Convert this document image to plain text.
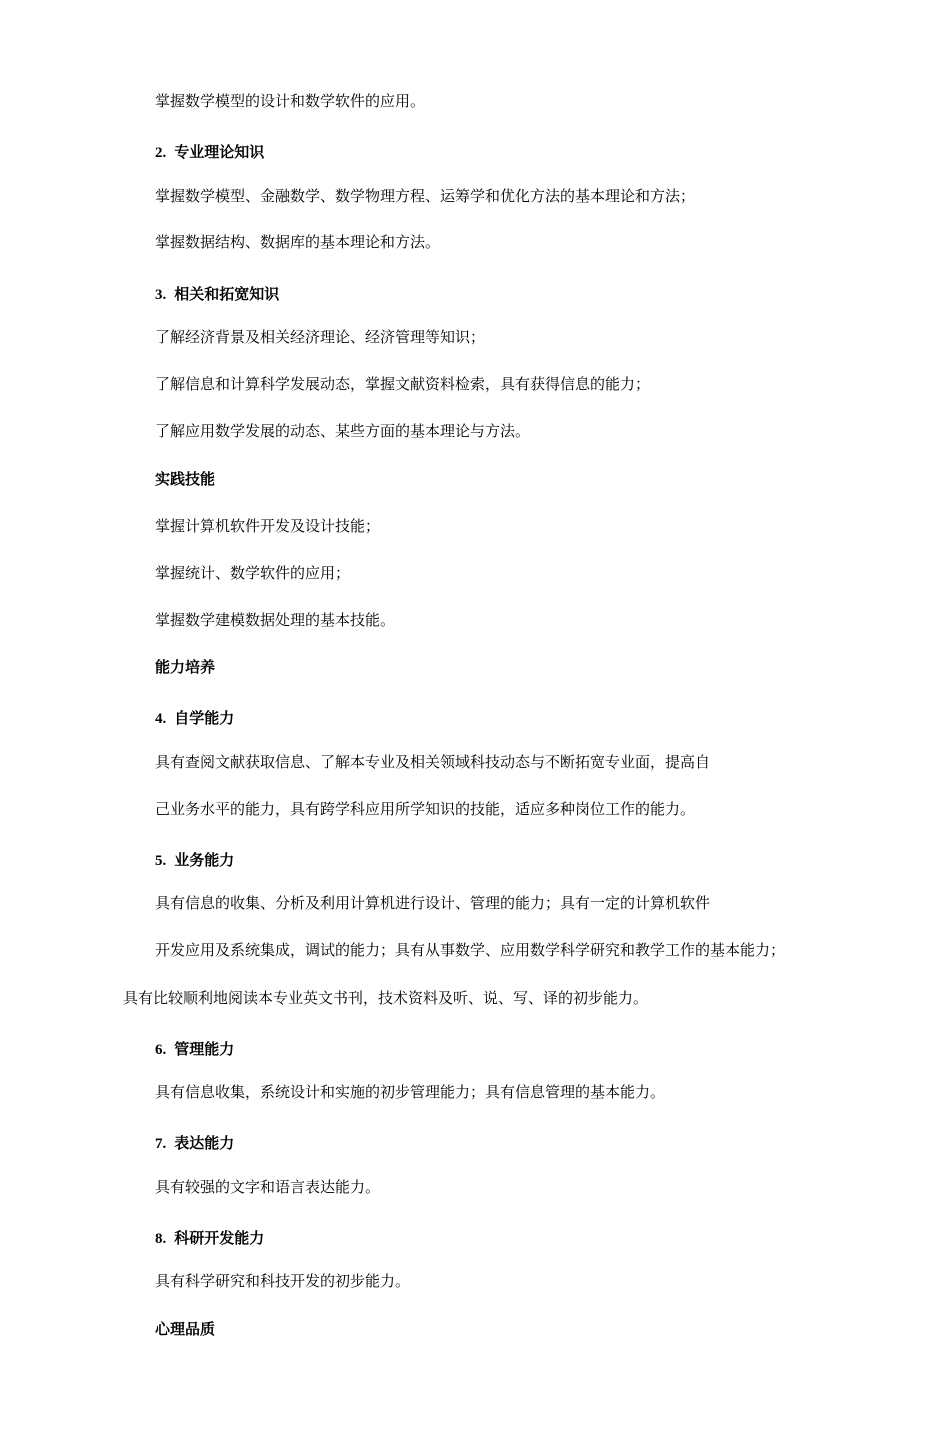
掌握数学模型的设计和数学软件的应用。
2. 专业理论知识
掌握数学模型、金融数学、数学物理方程、运筹学和优化方法的基本理论和方法；
掌握数据结构、数据库的基本理论和方法。
3. 相关和拓宽知识
了解经济背景及相关经济理论、经济管理等知识；
了解信息和计算科学发展动态，掌握文献资料检索，具有获得信息的能力；
了解应用数学发展的动态、某些方面的基本理论与方法。
实践技能
掌握计算机软件开发及设计技能；
掌握统计、数学软件的应用；
掌握数学建模数据处理的基本技能。
能力培养
4. 自学能力
具有查阅文献获取信息、了解本专业及相关领域科技动态与不断拓宽专业面，提高自
己业务水平的能力，具有跨学科应用所学知识的技能，适应多种岗位工作的能力。
5. 业务能力
具有信息的收集、分析及利用计算机进行设计、管理的能力；具有一定的计算机软件
开发应用及系统集成，调试的能力；具有从事数学、应用数学科学研究和教学工作的基本能力；
具有比较顺利地阅读本专业英文书刊，技术资料及听、说、写、译的初步能力。
6. 管理能力
具有信息收集，系统设计和实施的初步管理能力；具有信息管理的基本能力。
7. 表达能力
具有较强的文字和语言表达能力。
8. 科研开发能力
具有科学研究和科技开发的初步能力。
心理品质
